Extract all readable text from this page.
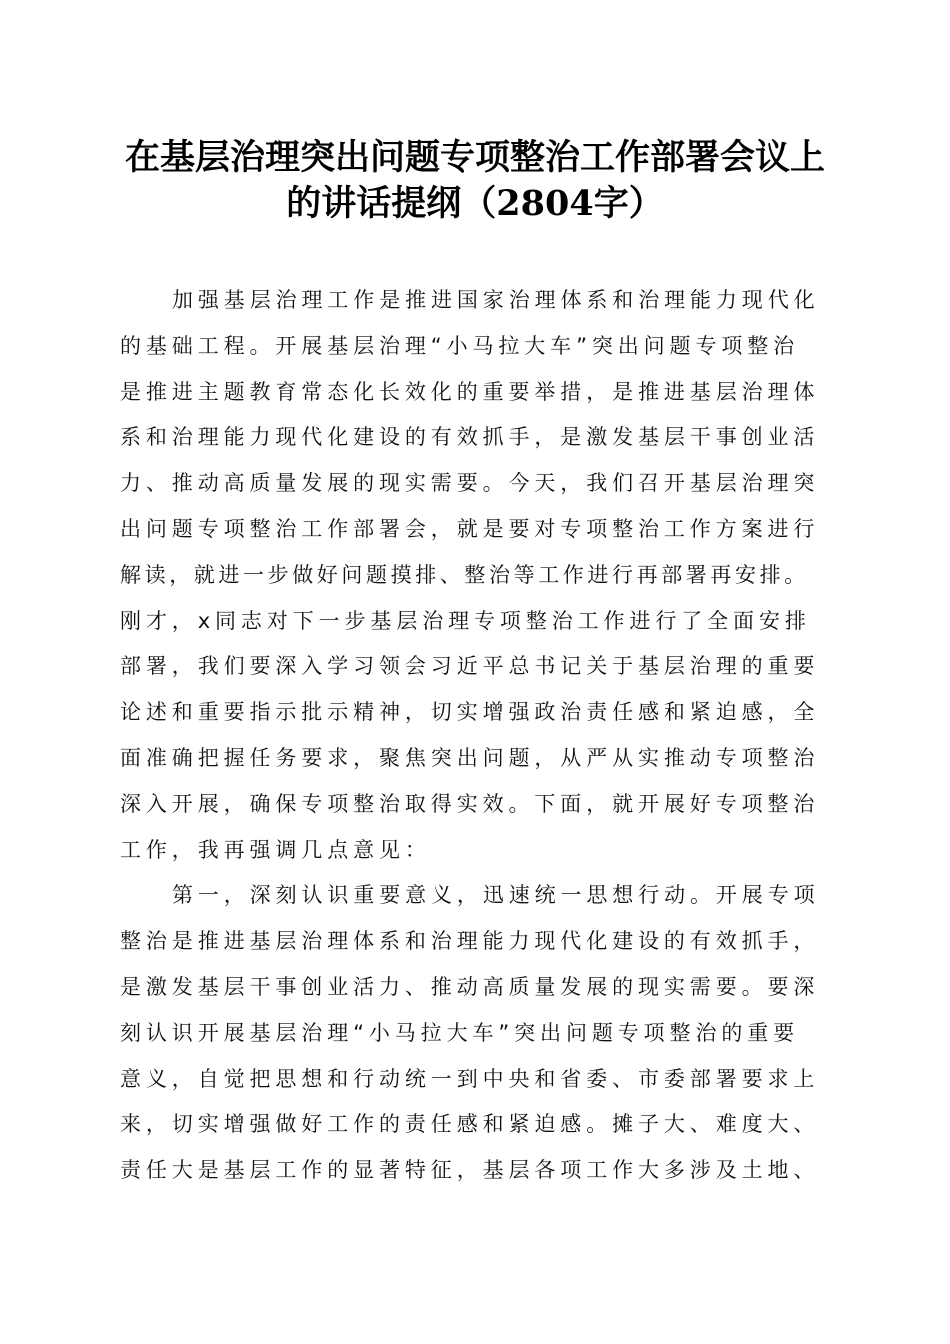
在基层治理突出问题专项整治工作部署会议上
的讲话提纲（2804字）
加强基层治理工作是推进国家治理体系和治理能力现代化
的基础工程。开展基层治理“小马拉大车”突出问题专项整治
是推进主题教育常态化长效化的重要举措，是推进基层治理体
系和治理能力现代化建设的有效抓手，是激发基层干事创业活
力、推动高质量发展的现实需要。今天，我们召开基层治理突
出问题专项整治工作部署会，就是要对专项整治工作方案进行
解读，就进一步做好问题摸排、整治等工作进行再部署再安排。
刚才，x同志对下一步基层治理专项整治工作进行了全面安排
部署，我们要深入学习领会习近平总书记关于基层治理的重要
论述和重要指示批示精神，切实增强政治责任感和紧迫感，全
面准确把握任务要求，聚焦突出问题，从严从实推动专项整治
深入开展，确保专项整治取得实效。下面，就开展好专项整治
工作，我再强调几点意见：
第一，深刻认识重要意义，迅速统一思想行动。开展专项
整治是推进基层治理体系和治理能力现代化建设的有效抓手，
是激发基层干事创业活力、推动高质量发展的现实需要。要深
刻认识开展基层治理“小马拉大车”突出问题专项整治的重要
意义，自觉把思想和行动统一到中央和省委、市委部署要求上
来，切实增强做好工作的责任感和紧迫感。摊子大、难度大、
责任大是基层工作的显著特征，基层各项工作大多涉及土地、
